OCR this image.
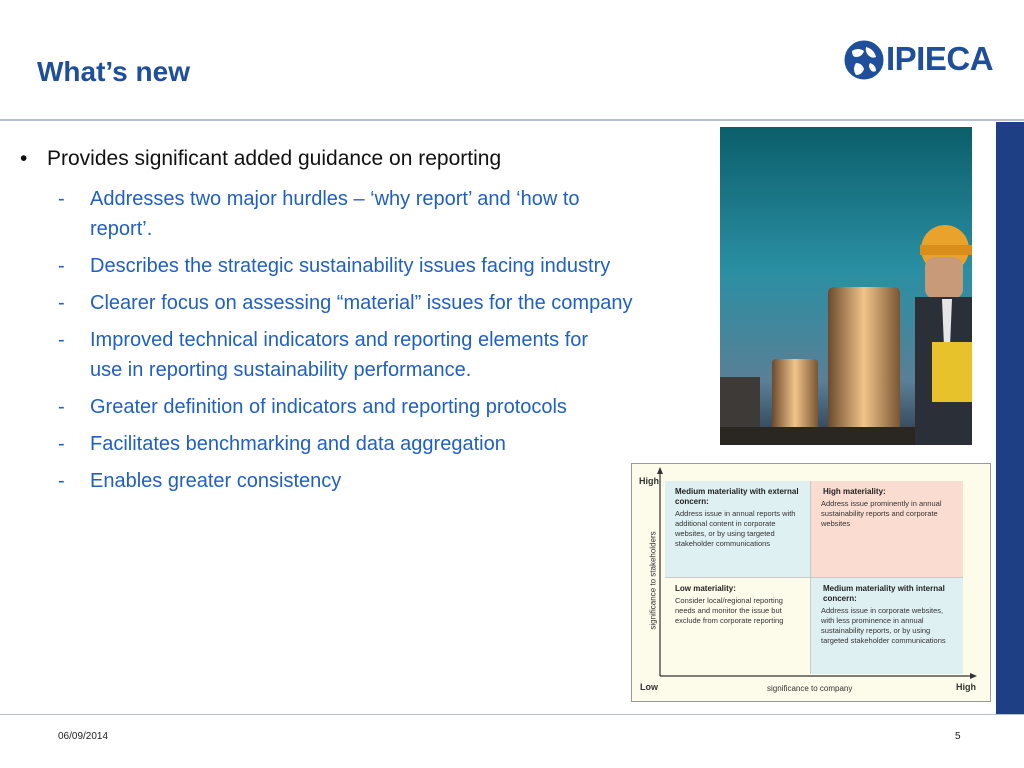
What’s new	IPIECA
• Provides significant added guidance on reporting
-	Addresses two major hurdles – ‘why report’ and ‘how to report’.
-	Describes the strategic sustainability issues facing industry
-	Clearer focus on assessing “material” issues for the company
-	Improved technical indicators and reporting elements for use in reporting sustainability performance.
-	Greater definition of indicators and reporting protocols
-	Facilitates benchmarking and data aggregation
-	Enables greater consistency	Medium materiality with external concern:
Address issue in annual reports with additional content in corporate websites, or by using targeted stakeholder communications
High materiality:
Address issue prominently in annual sustainability reports and corporate websites
Low materiality:
Consider local/regional reporting needs and monitor the issue but exclude from corporate reporting
Medium materiality with internal concern:
Address issue in corporate websites, with less prominence in annual sustainability reports, or by using targeted stakeholder communications
High
Low	High
significance to company
significance to stakeholders
06/09/2014	5
